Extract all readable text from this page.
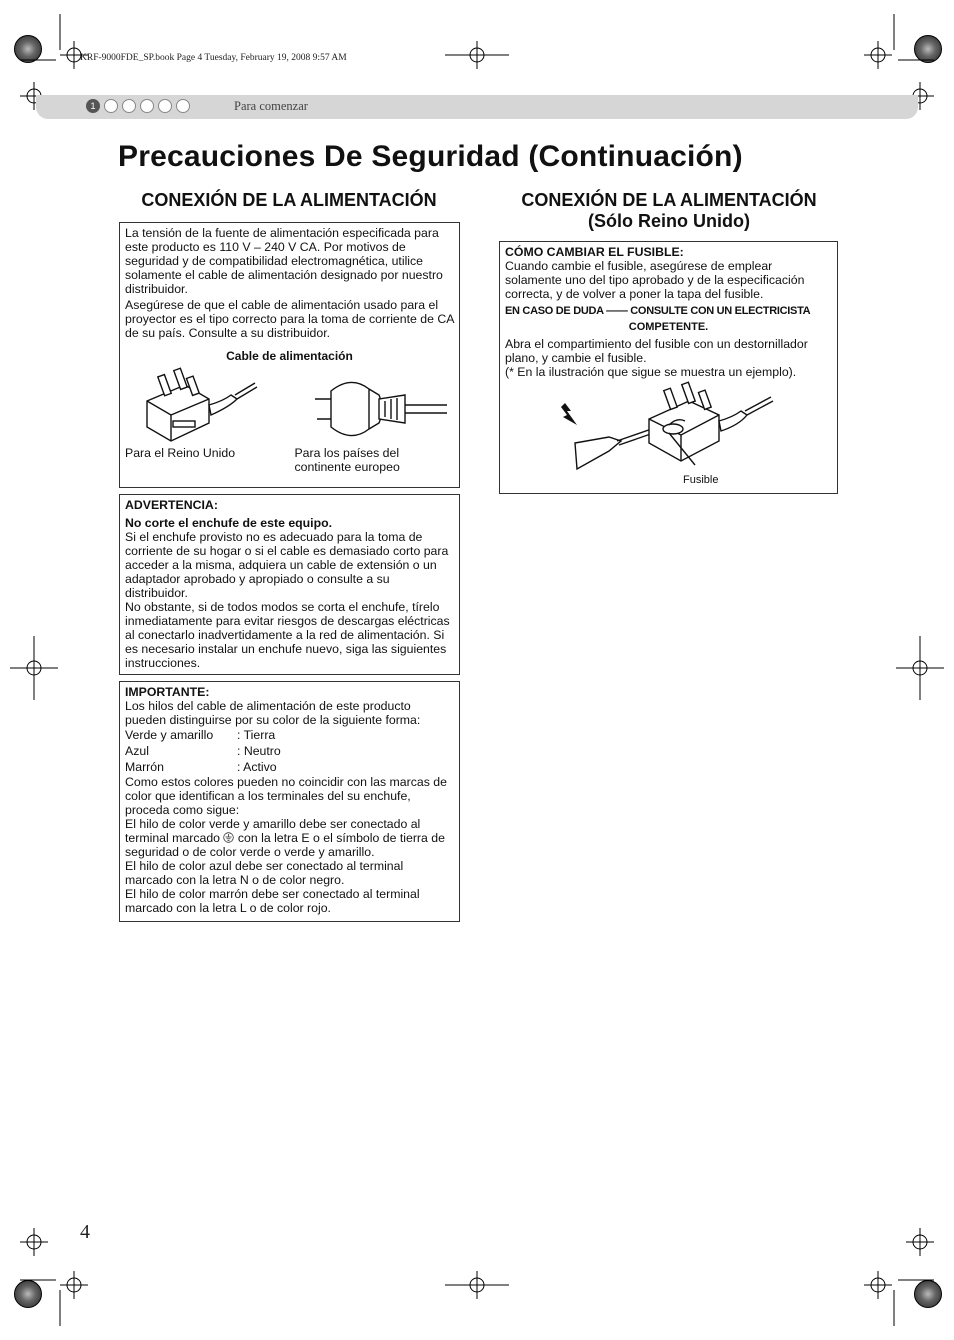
KRF-9000FDE_SP.book Page 4 Tuesday, February 19, 2008 9:57 AM
1	Para comenzar
Precauciones De Seguridad (Continuación)
CONEXIÓN DE LA ALIMENTACIÓN

La tensión de la fuente de alimentación especificada para este producto es 110 V – 240 V CA. Por motivos de seguridad y de compatibilidad electromagnética, utilice solamente el cable de alimentación designado por nuestro distribuidor.

Asegúrese de que el cable de alimentación usado para el proyector es el tipo correcto para la toma de corriente de CA de su país. Consulte a su distribuidor.

Cable de alimentación

Para el Reino Unido	Para los países del continente europeo

ADVERTENCIA:

No corte el enchufe de este equipo.

Si el enchufe provisto no es adecuado para la toma de corriente de su hogar o si el cable es demasiado corto para acceder a la misma, adquiera un cable de extensión o un adaptador aprobado y apropiado o consulte a su distribuidor.

No obstante, si de todos modos se corta el enchufe, tírelo inmediatamente para evitar riesgos de descargas eléctricas al conectarlo inadvertidamente a la red de alimentación. Si es necesario instalar un enchufe nuevo, siga las siguientes instrucciones.

IMPORTANTE:

Los hilos del cable de alimentación de este producto pueden distinguirse por su color de la siguiente forma:

Verde y amarillo	: Tierra
Azul	: Neutro
Marrón	: Activo

Como estos colores pueden no coincidir con las marcas de color que identifican a los terminales del su enchufe, proceda como sigue:

El hilo de color verde y amarillo debe ser conectado al terminal marcado con la letra E o el símbolo de tierra de seguridad o de color verde o verde y amarillo.

El hilo de color azul debe ser conectado al terminal marcado con la letra N o de color negro.

El hilo de color marrón debe ser conectado al terminal marcado con la letra L o de color rojo.

CONEXIÓN DE LA ALIMENTACIÓN
(Sólo Reino Unido)

CÓMO CAMBIAR EL FUSIBLE:

Cuando cambie el fusible, asegúrese de emplear solamente uno del tipo aprobado y de la especificación correcta, y de volver a poner la tapa del fusible.

EN CASO DE DUDA —— CONSULTE CON UN ELECTRICISTA

COMPETENTE.

Abra el compartimiento del fusible con un destornillador plano, y cambie el fusible.

(* En la ilustración que sigue se muestra un ejemplo).

Fusible
4
